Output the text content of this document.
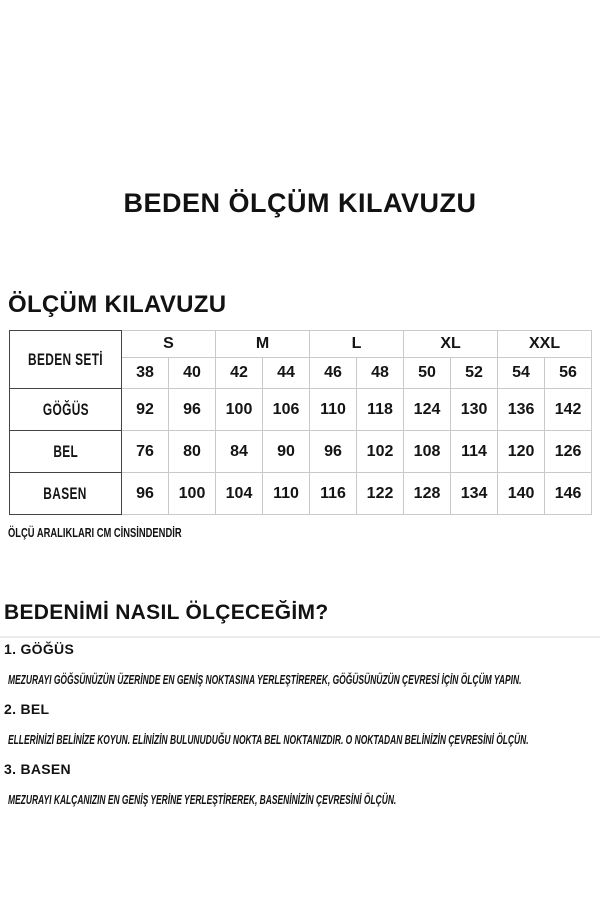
BEDEN ÖLÇÜM KILAVUZU
ÖLÇÜM KILAVUZU
BEDEN SETİ	S		M		L		XL		XXL	
	38	40	42	44	46	48	50	52	54	56
GÖĞÜS	92	96	100	106	110	118	124	130	136	142
BEL	76	80	84	90	96	102	108	114	120	126
BASEN	96	100	104	110	116	122	128	134	140	146
ÖLÇÜ ARALIKLARI CM CİNSİNDENDİR
BEDENİMİ NASIL ÖLÇECEĞİM?
1. GÖĞÜS
MEZURAYI GÖĞSÜNÜZÜN ÜZERİNDE EN GENİŞ NOKTASINA YERLEŞTİREREK, GÖĞÜSÜNÜZÜN ÇEVRESİ İÇİN ÖLÇÜM YAPIN.
2. BEL
ELLERİNİZİ BELİNİZE KOYUN. ELİNİZİN BULUNUDUĞU NOKTA BEL NOKTANIZDIR. O NOKTADAN BELİNİZİN ÇEVRESİNİ ÖLÇÜN.
3. BASEN
MEZURAYI KALÇANIZIN EN GENİŞ YERİNE YERLEŞTİREREK, BASENİNİZİN ÇEVRESİNİ ÖLÇÜN.
